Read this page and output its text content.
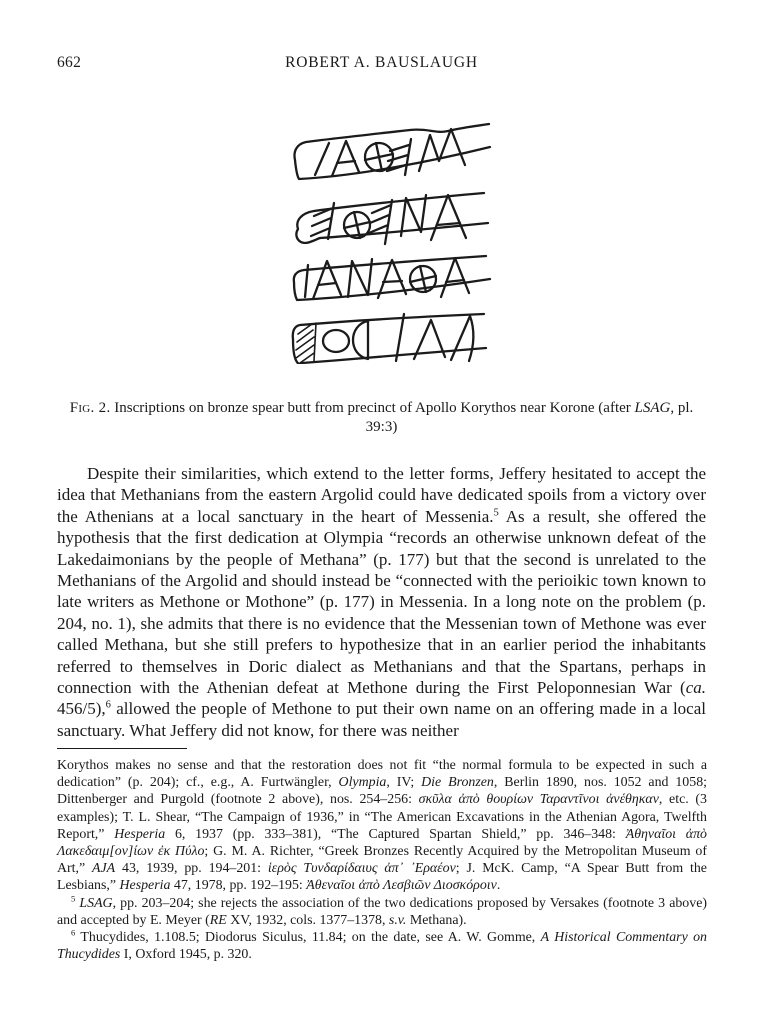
662	ROBERT A. BAUSLAUGH
Fig. 2. Inscriptions on bronze spear butt from precinct of Apollo Korythos near Korone (after LSAG, pl. 39:3)

Despite their similarities, which extend to the letter forms, Jeffery hesitated to accept the idea that Methanians from the eastern Argolid could have dedicated spoils from a victory over the Athenians at a local sanctuary in the heart of Messenia.$^5$ As a result, she offered the hypothesis that the first dedication at Olympia “records an otherwise unknown defeat of the Lakedaimonians by the people of Methana” (p. 177) but that the second is unrelated to the Methanians of the Argolid and should instead be “connected with the perioikic town known to late writers as Methone or Mothone” (p. 177) in Messenia. In a long note on the problem (p. 204, no. 1), she admits that there is no evidence that the Messenian town of Methone was ever called Methana, but she still prefers to hypothesize that in an earlier period the inhabitants referred to themselves in Doric dialect as Methanians and that the Spartans, perhaps in connection with the Athenian defeat at Methone during the First Peloponnesian War (ca. 456/5),$^6$ allowed the people of Methone to put their own name on an offering made in a local sanctuary. What Jeffery did not know, for there was neither

Korythos makes no sense and that the restoration does not fit “the normal formula to be expected in such a dedication” (p. 204); cf., e.g., A. Furtwängler, Olympia, IV; Die Bronzen, Berlin 1890, nos. 1052 and 1058; Dittenberger and Purgold (footnote 2 above), nos. 254–256: σκῦλα ἀπὸ θουρίων Ταραντῖνοι ἀνέθηκαν, etc. (3 examples); T. L. Shear, “The Campaign of 1936,” in “The American Excavations in the Athenian Agora, Twelfth Report,” Hesperia 6, 1937 (pp. 333–381), “The Captured Spartan Shield,” pp. 346–348: Ἀθηναῖοι ἀπὸ Λακεδαιμ[ον]ίων ἐκ Πύλο; G. M. A. Richter, “Greek Bronzes Recently Acquired by the Metropolitan Museum of Art,” AJA 43, 1939, pp. 194–201: ἱερὸς Τυνδαρίδαιυς ἀπ᾽ ᾽Εραέον; J. McK. Camp, “A Spear Butt from the Lesbians,” Hesperia 47, 1978, pp. 192–195: Ἀθεναῖοι ἀπὸ Λεσβιῶν Διοσκόροιν.

$^5$ LSAG, pp. 203–204; she rejects the association of the two dedications proposed by Versakes (footnote 3 above) and accepted by E. Meyer (RE XV, 1932, cols. 1377–1378, s.v. Methana).

$^6$ Thucydides, 1.108.5; Diodorus Siculus, 11.84; on the date, see A. W. Gomme, A Historical Commentary on Thucydides I, Oxford 1945, p. 320.
